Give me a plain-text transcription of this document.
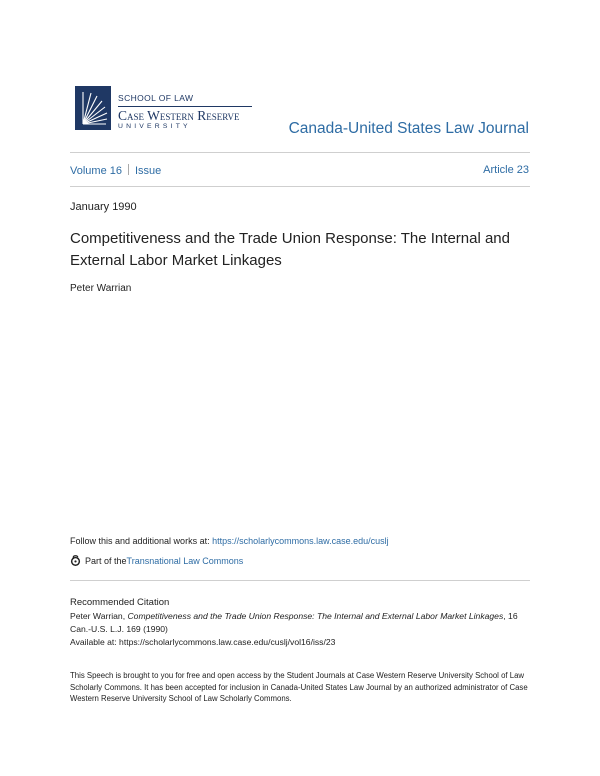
SCHOOL OF LAW
Case Western Reserve
UNIVERSITY	Canada-United States Law Journal
Volume 16 Issue	Article 23
January 1990
Competitiveness and the Trade Union Response: The Internal and External Labor Market Linkages
Peter Warrian
Follow this and additional works at: https://scholarlycommons.law.case.edu/cuslj
Part of the Transnational Law Commons
Recommended Citation
Peter Warrian, Competitiveness and the Trade Union Response: The Internal and External Labor Market Linkages, 16 Can.-U.S. L.J. 169 (1990)
Available at: https://scholarlycommons.law.case.edu/cuslj/vol16/iss/23
This Speech is brought to you for free and open access by the Student Journals at Case Western Reserve University School of Law Scholarly Commons. It has been accepted for inclusion in Canada-United States Law Journal by an authorized administrator of Case Western Reserve University School of Law Scholarly Commons.
